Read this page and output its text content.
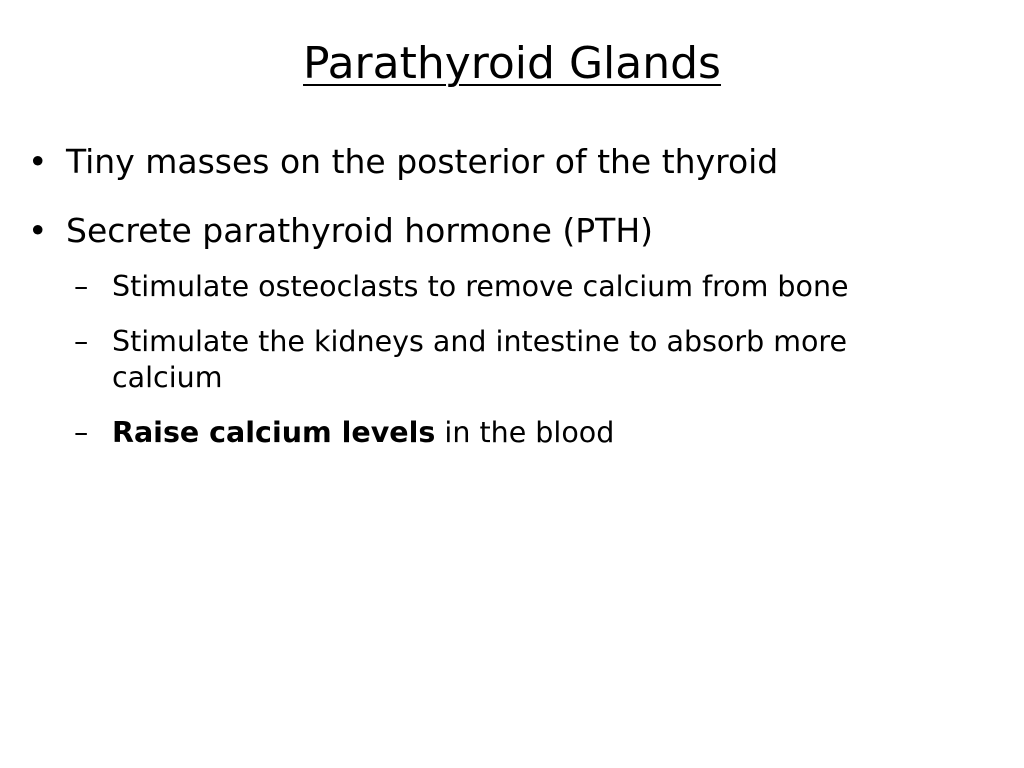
Parathyroid Glands
• Tiny masses on the posterior of the thyroid
• Secrete parathyroid hormone (PTH)
– Stimulate osteoclasts to remove calcium from bone
– Stimulate the kidneys and intestine to absorb more calcium
– Raise calcium levels in the blood
